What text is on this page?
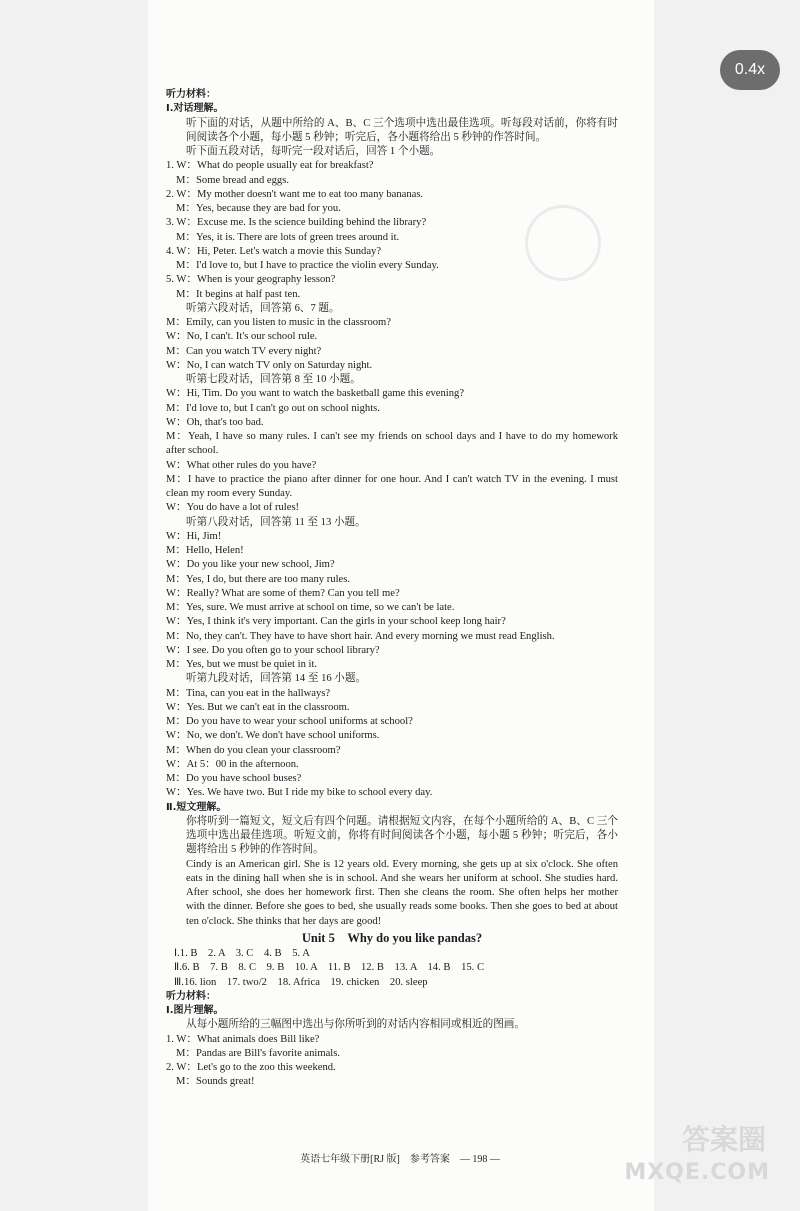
听力材料：

Ⅰ.对话理解。

听下面的对话，从题中所给的 A、B、C 三个选项中选出最佳选项。听每段对话前，你将有时间阅读各个小题，每小题 5 秒钟；听完后，各小题将给出 5 秒钟的作答时间。

听下面五段对话，每听完一段对话后，回答 1 个小题。

1. W：What do people usually eat for breakfast?

M：Some bread and eggs.

2. W：My mother doesn't want me to eat too many bananas.

M：Yes, because they are bad for you.

3. W：Excuse me. Is the science building behind the library?

M：Yes, it is. There are lots of green trees around it.

4. W：Hi, Peter. Let's watch a movie this Sunday?

M：I'd love to, but I have to practice the violin every Sunday.

5. W：When is your geography lesson?

M：It begins at half past ten.

听第六段对话，回答第 6、7 题。

M：Emily, can you listen to music in the classroom?

W：No, I can't. It's our school rule.

M：Can you watch TV every night?

W：No, I can watch TV only on Saturday night.

听第七段对话，回答第 8 至 10 小题。

W：Hi, Tim. Do you want to watch the basketball game this evening?

M：I'd love to, but I can't go out on school nights.

W：Oh, that's too bad.

M：Yeah, I have so many rules. I can't see my friends on school days and I have to do my homework after school.

W：What other rules do you have?

M：I have to practice the piano after dinner for one hour. And I can't watch TV in the evening. I must clean my room every Sunday.

W：You do have a lot of rules!

听第八段对话，回答第 11 至 13 小题。

W：Hi, Jim!

M：Hello, Helen!

W：Do you like your new school, Jim?

M：Yes, I do, but there are too many rules.

W：Really? What are some of them? Can you tell me?

M：Yes, sure. We must arrive at school on time, so we can't be late.

W：Yes, I think it's very important. Can the girls in your school keep long hair?

M：No, they can't. They have to have short hair. And every morning we must read English.

W：I see. Do you often go to your school library?

M：Yes, but we must be quiet in it.

听第九段对话，回答第 14 至 16 小题。

M：Tina, can you eat in the hallways?

W：Yes. But we can't eat in the classroom.

M：Do you have to wear your school uniforms at school?

W：No, we don't. We don't have school uniforms.

M：When do you clean your classroom?

W：At 5：00 in the afternoon.

M：Do you have school buses?

W：Yes. We have two. But I ride my bike to school every day.

Ⅱ.短文理解。

你将听到一篇短文，短文后有四个问题。请根据短文内容，在每个小题所给的 A、B、C 三个选项中选出最佳选项。听短文前，你将有时间阅读各个小题，每小题 5 秒钟；听完后，各小题将给出 5 秒钟的作答时间。

Cindy is an American girl. She is 12 years old. Every morning, she gets up at six o'clock. She often eats in the dining hall when she is in school. And she wears her uniform at school. She studies hard. After school, she does her homework first. Then she cleans the room. She often helps her mother with the dinner. Before she goes to bed, she usually reads some books. Then she goes to bed at about ten o'clock. She thinks that her days are good!

Unit 5　Why do you like pandas?

Ⅰ.1. B　2. A　3. C　4. B　5. A

Ⅱ.6. B　7. B　8. C　9. B　10. A　11. B　12. B　13. A　14. B　15. C

Ⅲ.16. lion　17. two/2　18. Africa　19. chicken　20. sleep

听力材料：

Ⅰ.图片理解。

从每小题所给的三幅图中选出与你所听到的对话内容相同或相近的图画。

1. W：What animals does Bill like?

M：Pandas are Bill's favorite animals.

2. W：Let's go to the zoo this weekend.

M：Sounds great!

英语七年级下册[RJ 版]　参考答案　— 198 —
答案圈
MXQE.COM
0.4x
